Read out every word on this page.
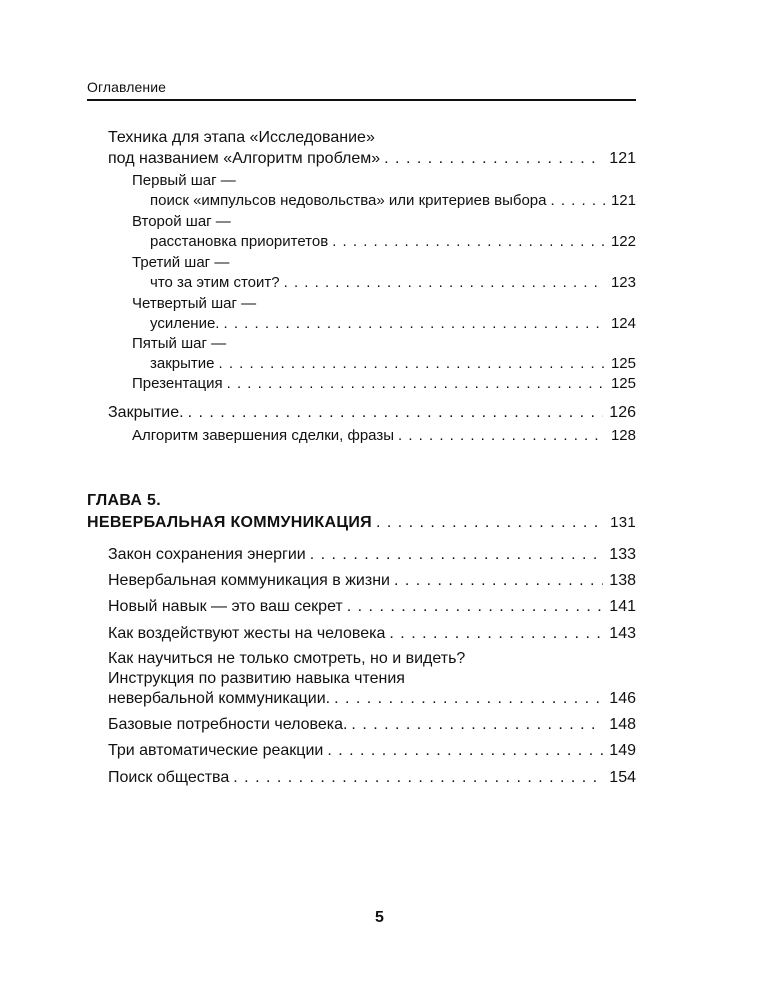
Оглавление
Техника для этапа «Исследование»
под названием «Алгоритм проблем» . . .	121
Первый шаг —
поиск «импульсов недовольства» или критериев выбора . . .	121
Второй шаг —
расстановка приоритетов . . .	122
Третий шаг —
что за этим стоит? . . .	123
Четвертый шаг —
усиление. . . .	124
Пятый шаг —
закрытие . . .	125
Презентация . . .	125
Закрытие. . . .	126
Алгоритм завершения сделки, фразы . . .	128
ГЛАВА 5.
НЕВЕРБАЛЬНАЯ КОММУНИКАЦИЯ . . .	131
Закон сохранения энергии . . .	133
Невербальная коммуникация в жизни . . .	138
Новый навык — это ваш секрет . . .	141
Как воздействуют жесты на человека . . .	143
Как научиться не только смотреть, но и видеть?
Инструкция по развитию навыка чтения
невербальной коммуникации. . . .	146
Базовые потребности человека. . . .	148
Три автоматические реакции . . .	149
Поиск общества . . .	154
5
